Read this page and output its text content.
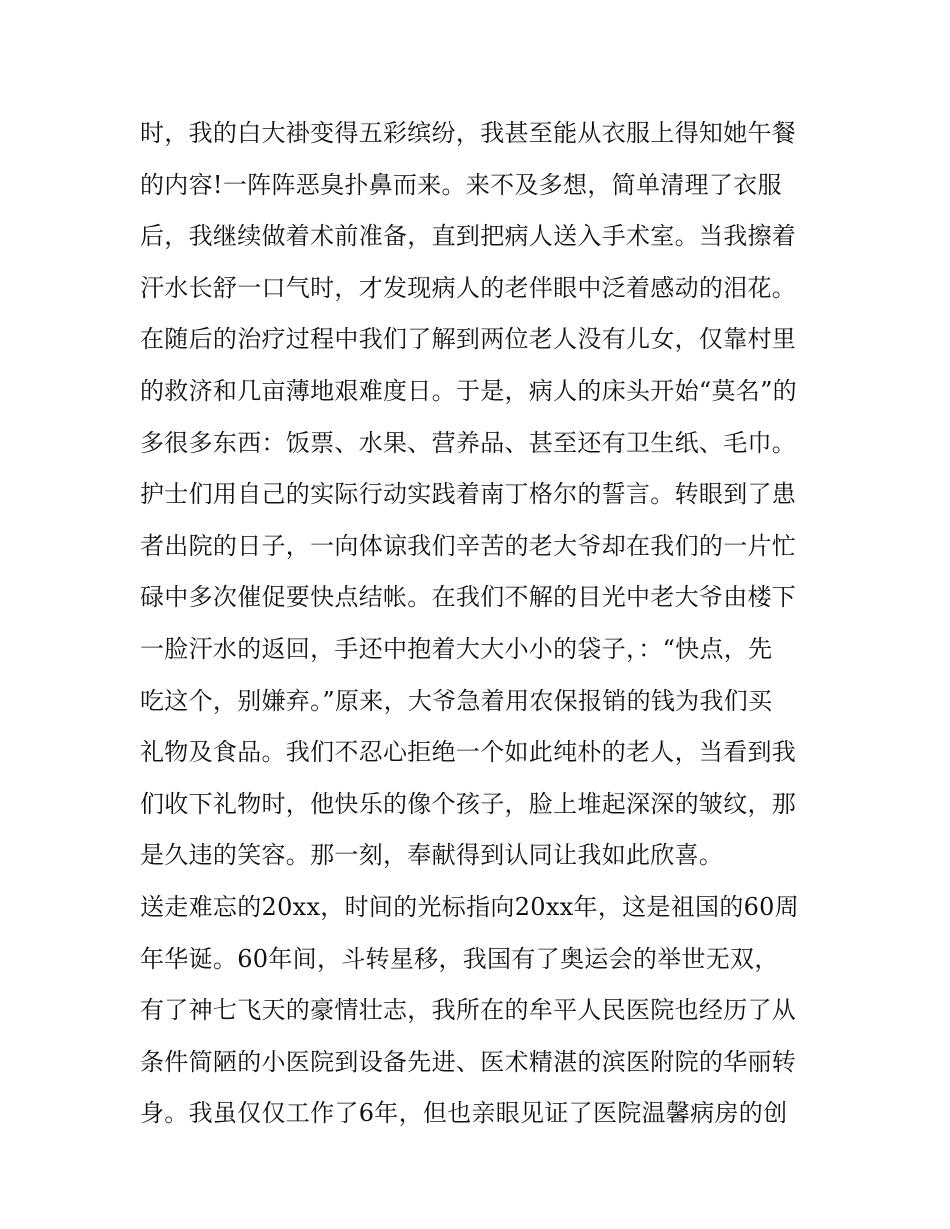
时，我的白大褂变得五彩缤纷，我甚至能从衣服上得知她午餐
的内容!一阵阵恶臭扑鼻而来。来不及多想，简单清理了衣服
后，我继续做着术前准备，直到把病人送入手术室。当我擦着
汗水长舒一口气时，才发现病人的老伴眼中泛着感动的泪花。
在随后的治疗过程中我们了解到两位老人没有儿女，仅靠村里
的救济和几亩薄地艰难度日。于是，病人的床头开始“莫名”的
多很多东西：饭票、水果、营养品、甚至还有卫生纸、毛巾。
护士们用自己的实际行动实践着南丁格尔的誓言。转眼到了患
者出院的日子，一向体谅我们辛苦的老大爷却在我们的一片忙
碌中多次催促要快点结帐。在我们不解的目光中老大爷由楼下
一脸汗水的返回，手还中抱着大大小小的袋子，：“快点，先
吃这个，别嫌弃。”原来，大爷急着用农保报销的钱为我们买
礼物及食品。我们不忍心拒绝一个如此纯朴的老人，当看到我
们收下礼物时，他快乐的像个孩子，脸上堆起深深的皱纹，那
是久违的笑容。那一刻，奉献得到认同让我如此欣喜。
送走难忘的20xx，时间的光标指向20xx年，这是祖国的60周
年华诞。60年间，斗转星移，我国有了奥运会的举世无双，
有了神七飞天的豪情壮志，我所在的牟平人民医院也经历了从
条件简陋的小医院到设备先进、医术精湛的滨医附院的华丽转
身。我虽仅仅工作了6年，但也亲眼见证了医院温馨病房的创
